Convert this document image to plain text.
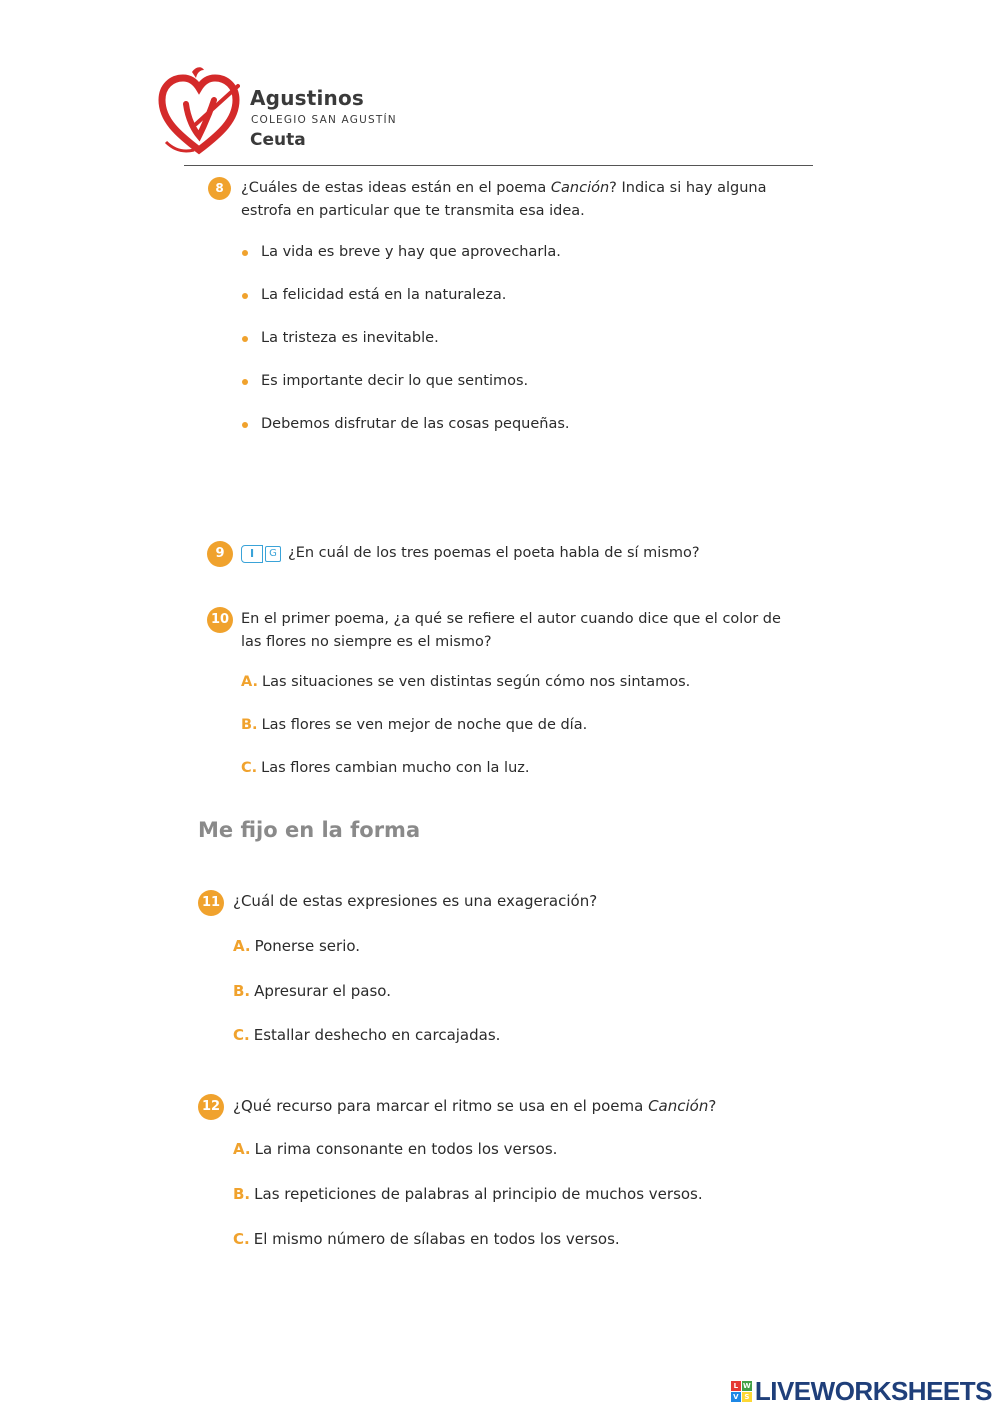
Agustinos
COLEGIO SAN AGUSTÍN
Ceuta
8	¿Cuáles de estas ideas están en el poema Canción? Indica si hay alguna
estrofa en particular que te transmita esa idea.
La vida es breve y hay que aprovecharla.
La felicidad está en la naturaleza.
La tristeza es inevitable.
Es importante decir lo que sentimos.
Debemos disfrutar de las cosas pequeñas.
9	I	G ¿En cuál de los tres poemas el poeta habla de sí mismo?
10 En el primer poema, ¿a qué se refiere el autor cuando dice que el color de
las flores no siempre es el mismo?
A. Las situaciones se ven distintas según cómo nos sintamos.
B. Las flores se ven mejor de noche que de día.
C. Las flores cambian mucho con la luz.
Me fijo en la forma
11 ¿Cuál de estas expresiones es una exageración?
A. Ponerse serio.
B. Apresurar el paso.
C. Estallar deshecho en carcajadas.
12 ¿Qué recurso para marcar el ritmo se usa en el poema Canción?
A. La rima consonante en todos los versos.
B. Las repeticiones de palabras al principio de muchos versos.
C. El mismo número de sílabas en todos los versos.
L W
V S LIVEWORKSHEETS
